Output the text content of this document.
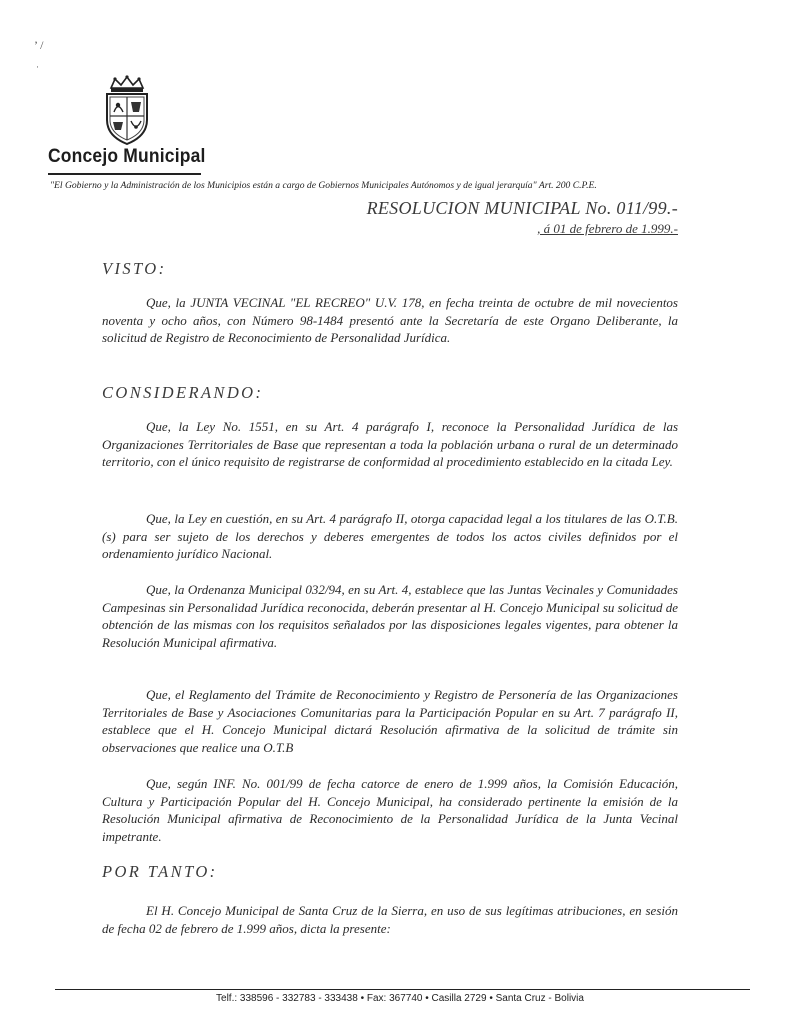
’ /
·
Concejo Municipal
"El Gobierno y la Administración de los Municipios están a cargo de Gobiernos Municipales Autónomos y de igual jerarquía" Art. 200 C.P.E.
RESOLUCION MUNICIPAL No. 011/99.-
, á 01 de febrero de 1.999.-
VISTO:

Que, la JUNTA VECINAL "EL RECREO" U.V. 178, en fecha treinta de octubre de mil novecientos noventa y ocho años, con Número 98-1484 presentó ante la Secretaría de este Organo Deliberante, la solicitud de Registro de Reconocimiento de Personalidad Jurídica.

CONSIDERANDO:

Que, la Ley No. 1551, en su Art. 4 parágrafo I, reconoce la Personalidad Jurídica de las Organizaciones Territoriales de Base que representan a toda la población urbana o rural de un determinado territorio, con el único requisito de registrarse de conformidad al procedimiento establecido en la citada Ley.

Que, la Ley en cuestión, en su Art. 4 parágrafo II, otorga capacidad legal a los titulares de las O.T.B. (s) para ser sujeto de los derechos y deberes emergentes de todos los actos civiles definidos por el ordenamiento jurídico Nacional.

Que, la Ordenanza Municipal 032/94, en su Art. 4, establece que las Juntas Vecinales y Comunidades Campesinas sin Personalidad Jurídica reconocida, deberán presentar al H. Concejo Municipal su solicitud de obtención de las mismas con los requisitos señalados por las disposiciones legales vigentes, para obtener la Resolución Municipal afirmativa.

Que, el Reglamento del Trámite de Reconocimiento y Registro de Personería de las Organizaciones Territoriales de Base y Asociaciones Comunitarias para la Participación Popular en su Art. 7 parágrafo II, establece que el H. Concejo Municipal dictará Resolución afirmativa de la solicitud de trámite sin observaciones que realice una O.T.B

Que, según INF. No. 001/99 de fecha catorce de enero de 1.999 años, la Comisión Educación, Cultura y Participación Popular del H. Concejo Municipal, ha considerado pertinente la emisión de la Resolución Municipal afirmativa de Reconocimiento de la Personalidad Jurídica de la Junta Vecinal impetrante.

POR TANTO:

El H. Concejo Municipal de Santa Cruz de la Sierra, en uso de sus legítimas atribuciones, en sesión de fecha 02 de febrero de 1.999 años, dicta la presente:

Telf.: 338596 - 332783 - 333438 • Fax: 367740 • Casilla 2729 • Santa Cruz - Bolivia
